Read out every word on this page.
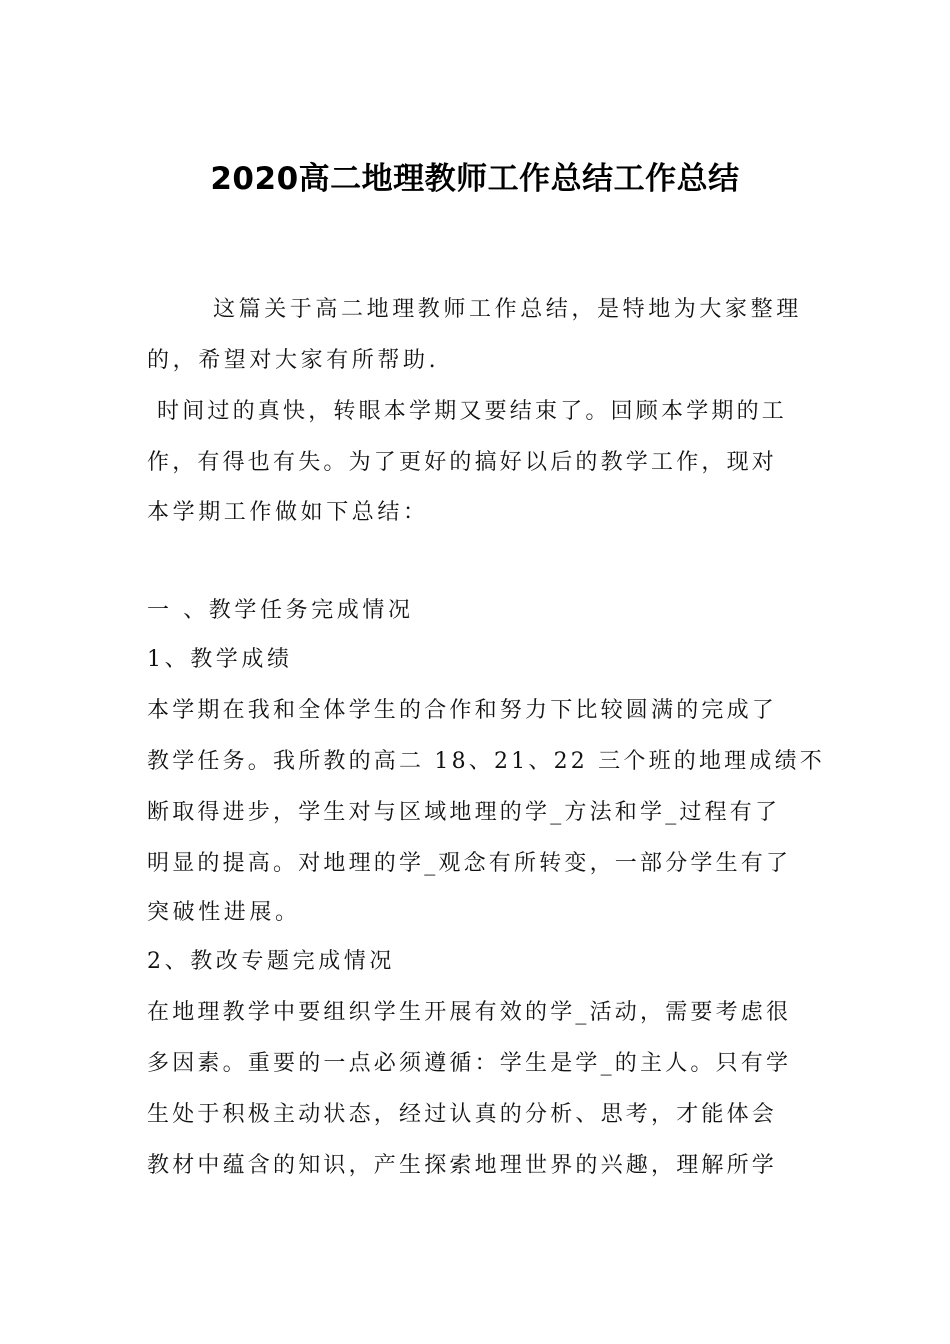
2020高二地理教师工作总结工作总结
这篇关于高二地理教师工作总结，是特地为大家整理
的，希望对大家有所帮助.
时间过的真快，转眼本学期又要结束了。回顾本学期的工
作，有得也有失。为了更好的搞好以后的教学工作，现对
本学期工作做如下总结：
一 、教学任务完成情况
1、教学成绩
本学期在我和全体学生的合作和努力下比较圆满的完成了
教学任务。我所教的高二 18、21、22 三个班的地理成绩不
断取得进步，学生对与区域地理的学_方法和学_过程有了
明显的提高。对地理的学_观念有所转变，一部分学生有了
突破性进展。
2、教改专题完成情况
在地理教学中要组织学生开展有效的学_活动，需要考虑很
多因素。重要的一点必须遵循：学生是学_的主人。只有学
生处于积极主动状态，经过认真的分析、思考，才能体会
教材中蕴含的知识，产生探索地理世界的兴趣，理解所学
